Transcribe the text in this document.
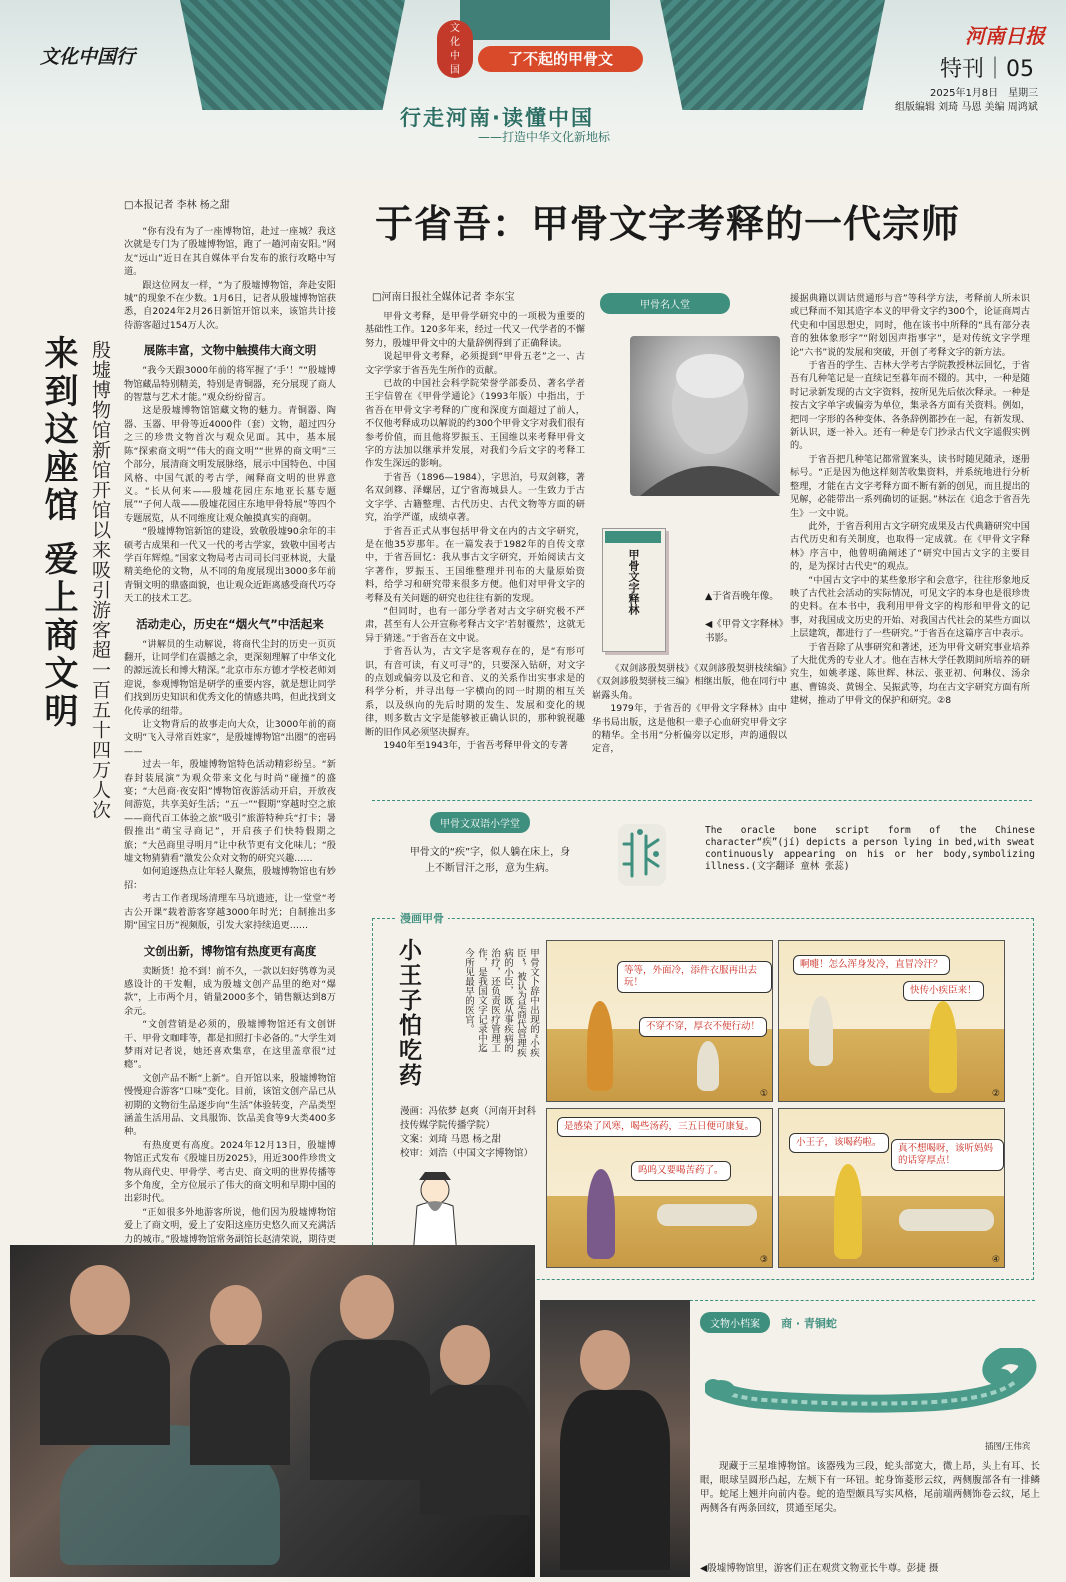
文化中国行
文
化
中
国
了不起的甲骨文
河南日报
特刊｜05
2025年1月8日　星期三
组版编辑 刘琦 马恩 美编 周鸿斌
行走河南·读懂中国
——打造中华文化新地标
来到这座馆 爱上商文明 殷墟博物馆新馆开馆以来吸引游客超一百五十四万人次
□本报记者 李林 杨之甜

“你有没有为了一座博物馆，赴过一座城？我这次就是专门为了殷墟博物馆，跑了一趟河南安阳。”网友“远山”近日在其自媒体平台发布的旅行攻略中写道。

跟这位网友一样，“为了殷墟博物馆，奔赴安阳城”的现象不在少数。1月6日，记者从殷墟博物馆获悉，自2024年2月26日新馆开馆以来，该馆共计接待游客超过154万人次。

展陈丰富，文物中触摸伟大商文明

“我今天跟3000年前的将军握了‘手’！”“殷墟博物馆藏品特别精美，特别是青铜器，充分展现了商人的智慧与艺术才能。”观众纷纷留言。

这是殷墟博物馆馆藏文物的魅力。青铜器、陶器、玉器、甲骨等近4000件（套）文物，超过四分之三的珍贵文物首次与观众见面。其中，基本展陈“探索商文明”“伟大的商文明”“世界的商文明”三个部分，展清商文明发展脉络，展示中国特色、中国风格、中国气派的考古学，阐释商文明的世界意义。“长从何来——殷墟花园庄东地亚长墓专题展”“子何人哉——殷墟花园庄东地甲骨特展”等四个专题展览，从不同维度让观众触摸真实的商朝。

“殷墟博物馆新馆的建设，致敬殷墟90余年的丰硕考古成果和一代又一代的考古学家，致敬中国考古学百年辉煌。”国家文物局考古司司长闫亚林说，大量精美绝伦的文物，从不同的角度展现出3000多年前青铜文明的鼎盛面貌，也让观众近距离感受商代巧夺天工的技术工艺。

活动走心，历史在“烟火气”中活起来

“讲解员的生动解说，将商代尘封的历史一页页翻开，让同学们在震撼之余，更深刻理解了中华文化的源远流长和博大精深。”北京市东方德才学校老师刘迎说，参观博物馆是研学的重要内容，就是想让同学们找到历史知识和优秀文化的情感共鸣，但此找到文化传承的纽带。

让文物背后的故事走向大众，让3000年前的商文明“飞入寻常百姓家”，是殷墟博物馆“出圈”的密码——

过去一年，殷墟博物馆特色活动精彩纷呈。“新春封装展演”为观众带来文化与时尚“碰撞”的盛宴；“大邑商·夜安阳”博物馆夜游活动开启，开放夜间游览，共享美好生活；“五一”“假期”穿越时空之旅——商代百工体验之旅“吸引”旅游特种兵“打卡；暑假推出“萌宝寻商记”，开启孩子们快特假期之旅；“大邑商里寻明月”让中秋节更有文化味儿；“殷墟文物猜猜看”激发公众对文物的研究兴趣……

如何追逐热点让年轻人聚焦，殷墟博物馆也有妙招：

考古工作者现场清理车马坑遗迹，让一堂堂“考古公开课”载着游客穿越3000年时光；自制推出多期“国宝日历”视频版，引发大家持续追更……

文创出新，博物馆有热度更有高度

卖断货！抢不到！前不久，一款以妇好鸮尊为灵感设计的干发帽，成为殷墟文创产品里的绝对“爆款”，上市两个月，销量2000多个，销售额达到8万余元。

“文创营销是必须的，殷墟博物馆还有文创饼干、甲骨文咖啡等，都是扣照打卡必备的。”大学生刘梦雨对记者说，她还喜欢集章，在这里盖章很“过瘾”。

文创产品不断“上新”。自开馆以来，殷墟博物馆慢慢迎合游客“口味”变化。目前，该馆文创产品已从初期的文物衍生品逐步向“生活”体验转变，产品类型涵盖生活用品、文具服饰、饮品美食等9大类400多种。

有热度更有高度。2024年12月13日，殷墟博物馆正式发布《殷墟日历2025》，用近300件珍贵文物从商代史、甲骨学、考古史、商文明的世界传播等多个角度，全方位展示了伟大的商文明和早期中国的出彩时代。

“正如很多外地游客所说，他们因为殷墟博物馆爱上了商文明，爱上了安阳这座历史悠久而又充满活力的城市。”殷墟博物馆常务副馆长赵清荣说，期待更

于省吾：甲骨文字考释的一代宗师
□河南日报社全媒体记者 李东宝

甲骨文考释，是甲骨学研究中的一项极为重要的基础性工作。120多年来，经过一代又一代学者的不懈努力，殷墟甲骨文中的大量辞例得到了正确释读。

说起甲骨文考释，必须提到“甲骨五老”之一、古文字学家于省吾先生所作的贡献。

已故的中国社会科学院荣誉学部委员、著名学者王宇信曾在《甲骨学通论》（1993年版）中指出，于省吾在甲骨文字考释的广度和深度方面超过了前人，不仅他考释成功以解说的约300个甲骨文字对我们很有参考价值，而且他将罗振玉、王国维以来考释甲骨文字的方法加以继承并发展，对我们今后文字的考释工作发生深远的影响。

于省吾（1896—1984），字思泊，号双剑簃，著名双剑簃、泽螺居，辽宁省海城县人。一生致力于古文字学、古籍整理、古代历史、古代文物等方面的研究，治学严谨，成绩卓著。

于省吾正式从事包括甲骨文在内的古文字研究，是在他35岁那年。在一篇发表于1982年的自传文章中，于省吾回忆：我从事古文字研究，开始阅读古文字著作，罗振玉、王国维整理并刊布的大量原始资料，给学习和研究带来很多方便。他们对甲骨文字的考释及有关问题的研究也往往有新的发现。

“但同时，也有一部分学者对古文字研究极不严肃，甚至有人公开宣称考释古文字‘若射覆然’，这就无异于猜迷。”于省吾在文中说。

于省吾认为，古文字是客观存在的，是“有形可识，有音可读，有义可寻”的，只要深入钻研，对文字的点划或偏旁以及它和音、义的关系作出实事求是的科学分析，并寻出每一字横向的同一时期的相互关系，以及纵向的先后时期的发生、发展和变化的规律，则多数古文字是能够被正确认识的，那种貌视趣断的旧作风必须坚决摒弃。

1940年至1943年，于省吾考释甲骨文的专著

甲骨名人堂
甲骨文字释林	▲于省吾晚年像。
◀《甲骨文字释林》书影。

《双剑誃殷契骈枝》《双剑誃殷契骈枝续编》《双剑誃殷契骈枝三编》相继出版，他在同行中崭露头角。

1979年，于省吾的《甲骨文字释林》由中华书局出版，这是他积一辈子心血研究甲骨文字的精华。全书用“分析偏旁以定形，声韵通假以定音，

援据典籍以训诂贯通形与音”等科学方法，考释前人所未识或已释而不知其造字本义的甲骨文字约300个，论证商周古代史和中国思想史，同时，他在该书中所释的“具有部分表音的独体象形字”“附划因声指事字”，是对传统文字学理论“六书”说的发展和突破，开创了考释文字的新方法。

于省吾的学生、吉林大学考古学院教授林沄回忆，于省吾有几种笔记是一直续记至暮年而不辍的。其中，一种是随时记录新发现的古文字资料，按所见先后依次释录。一种是按古文字单字或偏旁为单位，集录各方面有关资料。例如，把同一字形的各种变体、各条辞例都抄在一起，有新发现、新认识，逐一补入。还有一种是专门抄录古代文字遥假实例的。

于省吾把几种笔记都常置案头，读书时随见随录，逐册标号。“正是因为他这样刻苦收集资料，并系统地进行分析整理，才能在古文字考释方面不断有新的创见，而且提出的见解，必能带出一系列确切的证据。”林沄在《追念于省吾先生》一文中说。

此外，于省吾利用古文字研究成果及古代典籍研究中国古代历史和有关制度，也取得一定成就。在《甲骨文字释林》序言中，他曾明确阐述了“研究中国古文字的主要目的，是为探讨古代史”的观点。

“中国古文字中的某些象形字和会意字，往往形象地反映了古代社会活动的实际情况，可见文字的本身也是很珍贵的史料。在本书中，我利用甲骨文字的构形和甲骨文的记事，对我国成文历史的开始、对我国古代社会的某些方面以上层建筑，都进行了一些研究。”于省吾在这篇序言中表示。

于省吾除了从事研究和著述，还为甲骨文研究事业培养了大批优秀的专业人才。他在吉林大学任教期间所培养的研究生，如姚孝遂、陈世辉、林沄、张亚初、何琳仪、汤余惠、曹锦炎、黄锡全、吴振武等，均在古文字研究方面有所建树，推动了甲骨文的保护和研究。②8

甲骨文双语小学堂
甲骨文的“疾”字，似人躺在床上，身上不断冒汗之形，意为生病。
The oracle bone script form of the Chinese character“疾”(jí) depicts a person lying in bed,with sweat continuously appearing on his or her body,symbolizing illness.(文字翻译 童林 张蕊)
漫画甲骨
小王子怕吃药	甲骨文卜辞中出现的“小疾臣”，被认为是商代管理疾病的小臣，既从事疾病的治疗，还负责医疗管理工作，是我国文字记录中迄今所见最早的医官。
漫画：冯依梦 赵爽（河南开封科技传媒学院传播学院）
文案：刘琦 马恩 杨之甜
校审：刘浩（中国文字博物馆）
等等，外面冷，添件衣服再出去玩！
不穿不穿，厚衣不便行动！
①
啊嚏！怎么浑身发冷，直冒冷汗？
快传小疾臣来！
②
是感染了风寒，喝些汤药，三五日便可康复。
呜呜又要喝苦药了。
③
小王子，该喝药啦。
真不想喝呀，该听妈妈的话穿厚点！
④
文物小档案 商 · 青铜蛇
插图/王伟宾

现藏于三星堆博物馆。该器残为三段，蛇头部宽大，微上昂，头上有耳、长眼，眼球呈圆形凸起，左颊下有一环钮。蛇身饰菱形云纹，两侧腹部各有一排鳞甲。蛇尾上翘并向前内卷。蛇的造型颇具写实风格，尾前端两侧饰卷云纹，尾上两侧各有两条回纹，贯通至尾尖。

◀殷墟博物馆里，游客们正在观赏文物亚长牛尊。彭捷 摄
